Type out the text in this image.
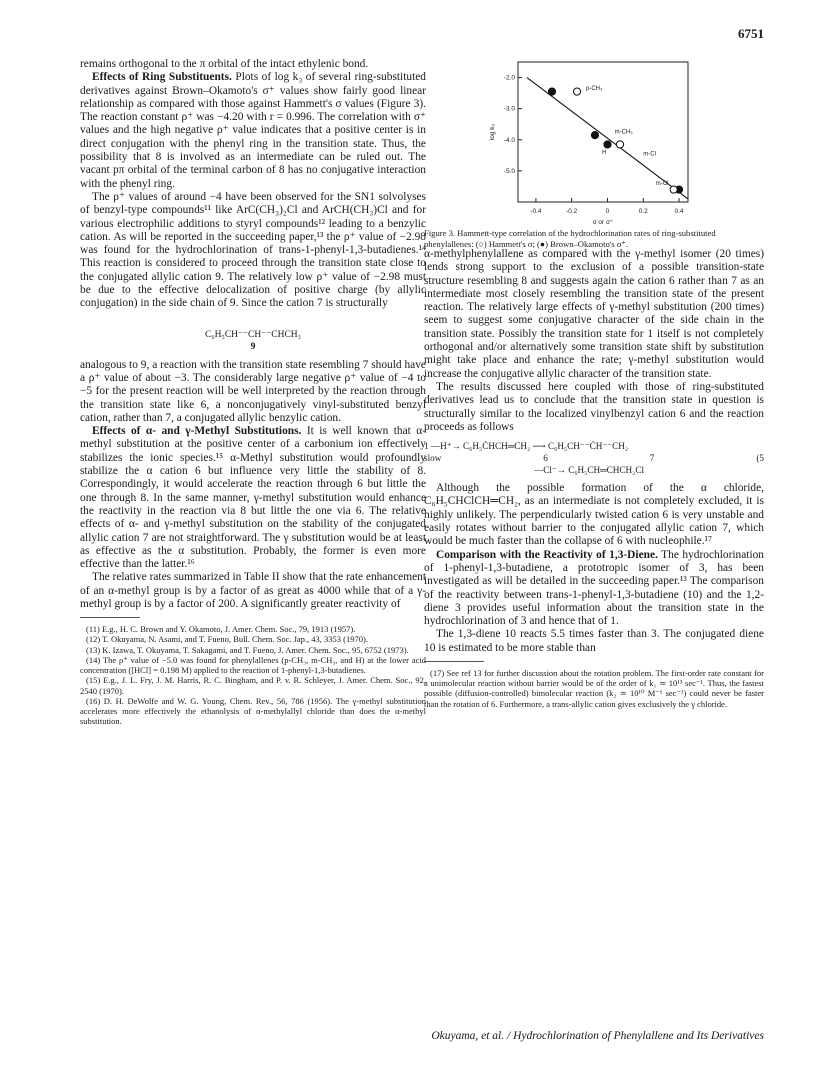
6751
-0.4	-0.2	0	0.2	0.4
-2.0
-3.0
-4.0
-5.0
σ or σ⁺
log k₃
p-CH₃
m-CH₃
H	m-Cl
m-Cl
Figure 3. Hammett-type correlation of the hydrochlorination rates of ring-substituted phenylallenes: (○) Hammett's σ; (●) Brown–Okamoto's σ⁺.

remains orthogonal to the π orbital of the intact ethylenic bond.

Effects of Ring Substituents. Plots of log k₃ of several ring-substituted derivatives against Brown–Okamoto's σ⁺ values show fairly good linear relationship as compared with those against Hammett's σ values (Figure 3). The reaction constant ρ⁺ was −4.20 with r = 0.996. The correlation with σ⁺ values and the high negative ρ⁺ value indicates that a positive center is in direct conjugation with the phenyl ring in the transition state. Thus, the possibility that 8 is involved as an intermediate can be ruled out. The vacant pπ orbital of the terminal carbon of 8 has no conjugative interaction with the phenyl ring.

The ρ⁺ values of around −4 have been observed for the SN1 solvolyses of benzyl-type compounds¹¹ like ArC(CH₃)₂Cl and ArCH(CH₃)Cl and for various electrophilic additions to styryl compounds¹² leading to a benzylic cation. As will be reported in the succeeding paper,¹³ the ρ⁺ value of −2.98 was found for the hydrochlorination of trans-1-phenyl-1,3-butadienes.¹⁴ This reaction is considered to proceed through the transition state close to the conjugated allylic cation 9. The relatively low ρ⁺ value of −2.98 must be due to the effective delocalization of positive charge (by allylic conjugation) in the side chain of 9. Since the cation 7 is structurally

C₆H₅CH⁻⁻CH⁻⁻CHCH₃
9

analogous to 9, a reaction with the transition state resembling 7 should have a ρ⁺ value of about −3. The considerably large negative ρ⁺ value of −4 to −5 for the present reaction will be well interpreted by the reaction through the transition state like 6, a nonconjugatively vinyl-substituted benzyl cation, rather than 7, a conjugated allylic benzylic cation.

Effects of α- and γ-Methyl Substitutions. It is well known that α-methyl substitution at the positive center of a carbonium ion effectively stabilizes the ionic species.¹⁵ α-Methyl substitution would profoundly stabilize the α cation 6 but influence very little the stability of 8. Correspondingly, it would accelerate the reaction through 6 but little the one through 8. In the same manner, γ-methyl substitution would enhance the reactivity in the reaction via 8 but little the one via 6. The relative effects of α- and γ-methyl substitution on the stability of the conjugated allylic cation 7 are not straightforward. The γ substitution would be at least as effective as the α substitution. Probably, the former is even more effective than the latter.¹⁶

The relative rates summarized in Table II show that the rate enhancement of an α-methyl group is by a factor of as great as 4000 while that of a γ-methyl group is by a factor of 200. A significantly greater reactivity of

(11) E.g., H. C. Brown and Y. Okamoto, J. Amer. Chem. Soc., 79, 1913 (1957).

(12) T. Okuyama, N. Asami, and T. Fueno, Bull. Chem. Soc. Jap., 43, 3353 (1970).

(13) K. Izawa, T. Okuyama, T. Sakagami, and T. Fueno, J. Amer. Chem. Soc., 95, 6752 (1973).

(14) The ρ⁺ value of −5.0 was found for phenylallenes (p-CH₃, m-CH₃, and H) at the lower acid concentration ([HCl] = 0.198 M) applied to the reaction of 1-phenyl-1,3-butadienes.

(15) E.g., J. L. Fry, J. M. Harris, R. C. Bingham, and P. v. R. Schleyer, J. Amer. Chem. Soc., 92, 2540 (1970).

(16) D. H. DeWolfe and W. G. Young, Chem. Rev., 56, 786 (1956). The γ-methyl substitution accelerates more effectively the ethanolysis of α-methylallyl chloride than does the α-methyl substitution.

α-methylphenylallene as compared with the γ-methyl isomer (20 times) lends strong support to the exclusion of a possible transition-state structure resembling 8 and suggests again the cation 6 rather than 7 as an intermediate most closely resembling the transition state of the present reaction. The relatively large effects of γ-methyl substitution (200 times) seem to suggest some conjugative character of the side chain in the transition state. Possibly the transition state for 1 itself is not completely orthogonal and/or alternatively some transition state shift by substitution might take place and enhance the rate; γ-methyl substitution would increase the conjugative allylic character of the transition state.

The results discussed here coupled with those of ring-substituted derivatives lead us to conclude that the transition state in question is structurally similar to the localized vinylbenzyl cation 6 and the reaction proceeds as follows

1 —H⁺→ C₆H₅ĊHCH═CH₂ ⟶ C₆H₅CH⁻⁻ĊH⁻⁻CH₂
slow	6	7	(5
—Cl⁻→ C₆H₅CH═CHCH₂Cl

Although the possible formation of the α chloride, C₆H₅CHClCH═CH₂, as an intermediate is not completely excluded, it is highly unlikely. The perpendicularly twisted cation 6 is very unstable and easily rotates without barrier to the conjugated allylic cation 7, which would be much faster than the collapse of 6 with nucleophile.¹⁷

Comparison with the Reactivity of 1,3-Diene. The hydrochlorination of 1-phenyl-1,3-butadiene, a prototropic isomer of 3, has been investigated as will be detailed in the succeeding paper.¹³ The comparison of the reactivity between trans-1-phenyl-1,3-butadiene (10) and the 1,2-diene 3 provides useful information about the transition state in the hydrochlorination of 3 and hence that of 1.

The 1,3-diene 10 reacts 5.5 times faster than 3. The conjugated diene 10 is estimated to be more stable than

(17) See ref 13 for further discussion about the rotation problem. The first-order rate constant for a unimolecular reaction without barrier would be of the order of k₁ ≃ 10¹³ sec⁻¹. Thus, the fastest possible (diffusion-controlled) bimolecular reaction (k₂ ≃ 10¹⁰ M⁻¹ sec⁻¹) could never be faster than the rotation of 6. Furthermore, a trans-allylic cation gives exclusively the γ chloride.

Okuyama, et al. / Hydrochlorination of Phenylallene and Its Derivatives
